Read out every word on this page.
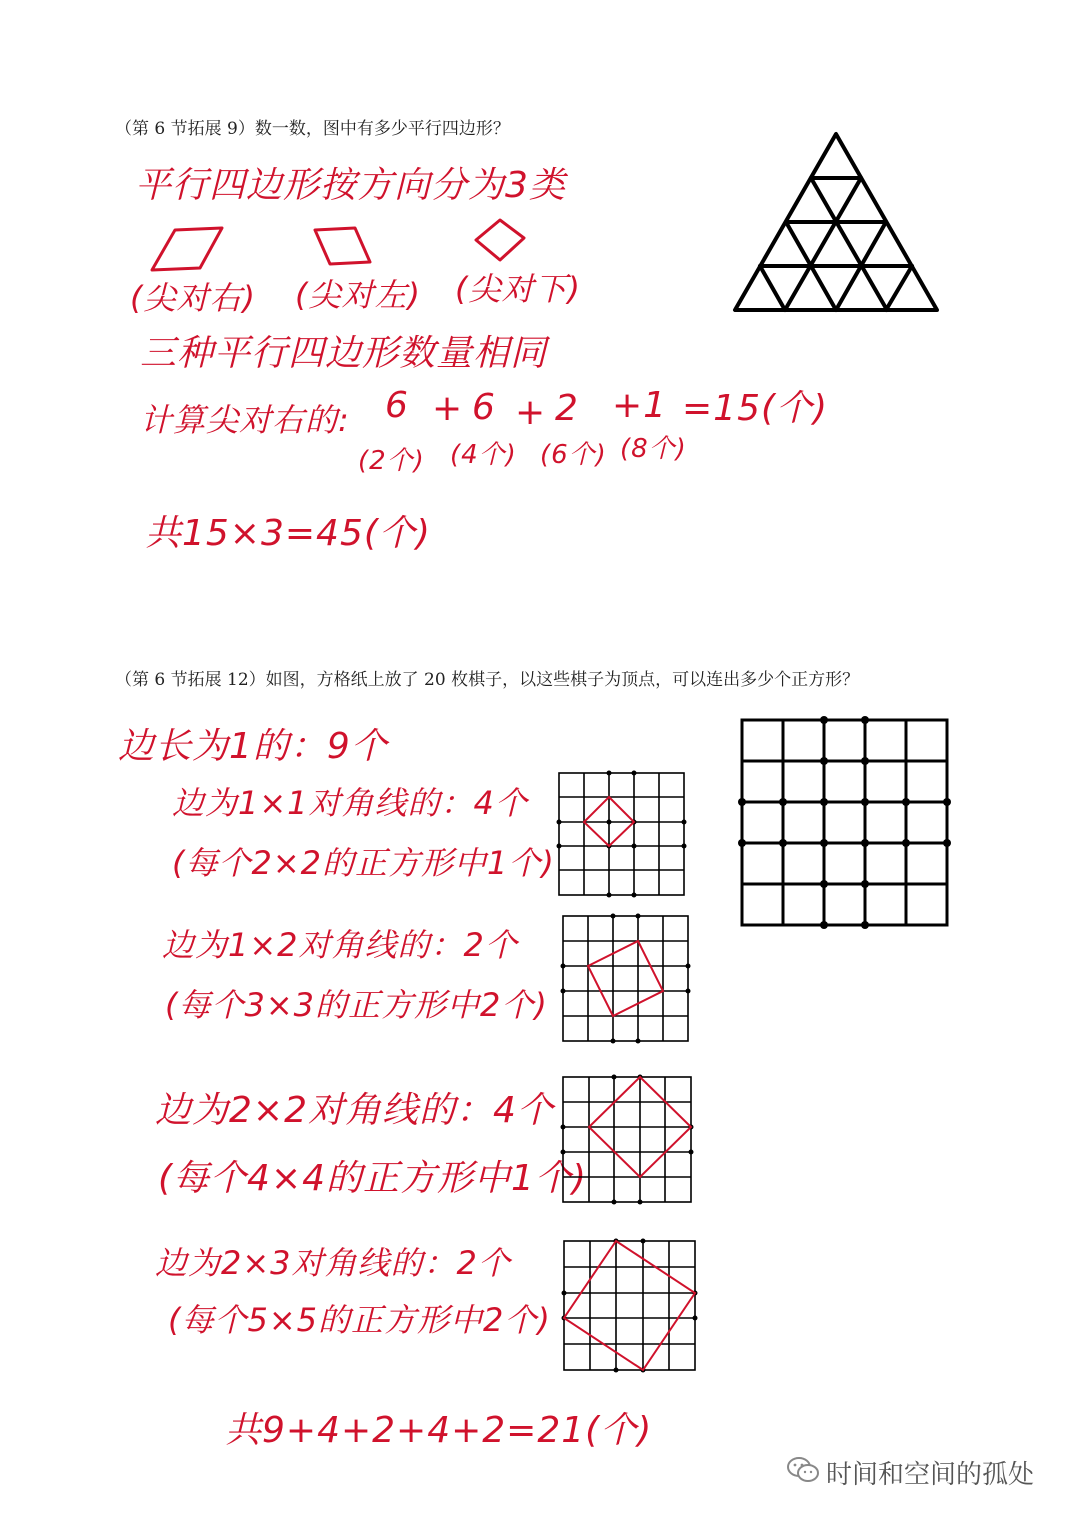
（第 6 节拓展 9）数一数，图中有多少平行四边形？
平行四边形按方向分为3类
(尖对右) (尖对左) (尖对下)
三种平行四边形数量相同
计算尖对右的: 6 + 6 + 2 +1 =15(个)
(2个) (4个) (6个) (8个)
共15×3=45(个)
（第 6 节拓展 12）如图，方格纸上放了 20 枚棋子，以这些棋子为顶点，可以连出多少个正方形？
边长为1的：9个
边为1×1对角线的：4个
(每个2×2的正方形中1个)
边为1×2对角线的：2个
(每个3×3的正方形中2个)
边为2×2对角线的：4个
(每个4×4的正方形中1个)
边为2×3对角线的：2个
(每个5×5的正方形中2个)
共9+4+2+4+2=21(个)
时间和空间的孤处
